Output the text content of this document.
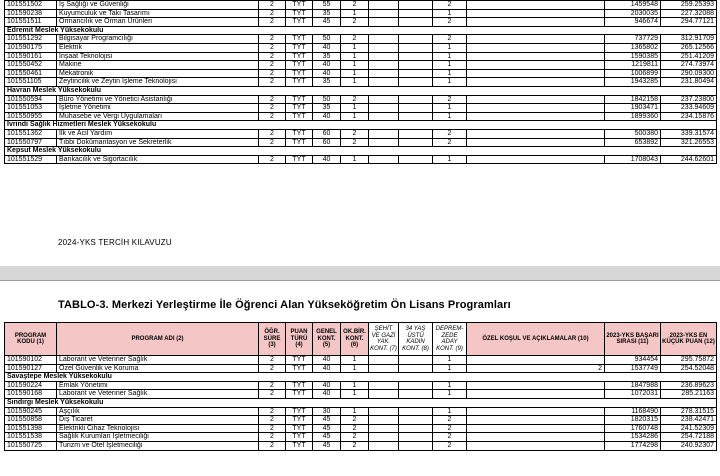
101551502	İş Sağlığı ve Güvenliği	2	TYT	55	2			2		1459548	259.25393
101590238	Kuyumculuk ve Takı Tasarımı	2	TYT	35	1			1		2030035	227.32088
101551511	Ormancılık ve Orman Ürünleri	2	TYT	45	2			2		946674	294.77121
Edremit Meslek Yüksekokulu											
101551292	Bilgisayar Programcılığı	2	TYT	50	2			2		737729	312.91709
101590175	Elektrik	2	TYT	40	1			1		1365802	265.12566
101590161	İnşaat Teknolojisi	2	TYT	35	1			1		1590385	251.41209
101550452	Makine	2	TYT	40	1			1		1219811	274.73974
101550461	Mekatronik	2	TYT	40	1			1		1006899	290.09300
101551105	Zeytincilik ve Zeytin İşleme Teknolojisi	2	TYT	35	1			1		1943285	231.80494
Havran Meslek Yüksekokulu											
101550594	Büro Yönetimi ve Yönetici Asistanlığı	2	TYT	50	2			2		1842158	237.23800
101551053	İşletme Yönetimi	2	TYT	35	1			1		1903471	233.94609
101550955	Muhasebe ve Vergi Uygulamaları	2	TYT	40	1			1		1899360	234.15876
İvrindi Sağlık Hizmetleri Meslek Yüksekokulu											
101551362	İlk ve Acil Yardım	2	TYT	60	2			2		500380	339.31574
101550797	Tıbbi Dokümantasyon ve Sekreterlik	2	TYT	60	2			2		653892	321.26553
Kepsut Meslek Yüksekokulu											
101551529	Bankacılık ve Sigortacılık	2	TYT	40	1			1		1708043	244.62601
2024-YKS TERCİH KILAVUZU
TABLO-3. Merkezi Yerleştirme İle Öğrenci Alan Yükseköğretim Ön Lisans Programları
PROGRAM KODU (1)	PROGRAM ADI (2)	ÖĞR. SÜRE (3)	PUAN TÜRÜ (4)	GENEL KONT. (5)	OK.BİR. KONT. (6)	ŞEHİT VE GAZİ YAK. KONT. (7)	34 YAŞ ÜSTÜ KADIN KONT. (8)	DEPREM-ZEDE ADAY KONT. (9)	ÖZEL KOŞUL VE AÇIKLAMALAR (10)	2023-YKS BAŞARI SIRASI (11)	2023-YKS EN KÜÇÜK PUAN (12)
101590102	Laborant ve Veteriner Sağlık	2	TYT	40	1			1		934454	295.75872
101590127	Özel Güvenlik ve Koruma	2	TYT	40	1			1	2	1537749	254.52048
Savaştepe Meslek Yüksekokulu											
101590224	Emlak Yönetimi	2	TYT	40	1			1		1847988	236.89623
101590168	Laborant ve Veteriner Sağlık	2	TYT	40	1			1		1072031	285.21163
Sındırgı Meslek Yüksekokulu											
101590245	Aşçılık	2	TYT	30	1			1		1168490	278.31515
101550858	Dış Ticaret	2	TYT	45	2			2		1820315	238.42471
101551398	Elektrikli Cihaz Teknolojisi	2	TYT	45	2			2		1760748	241.52309
101551538	Sağlık Kurumları İşletmeciliği	2	TYT	45	2			2		1534286	254.72188
101550725	Turizm ve Otel İşletmeciliği	2	TYT	45	2			2		1774298	240.92307
